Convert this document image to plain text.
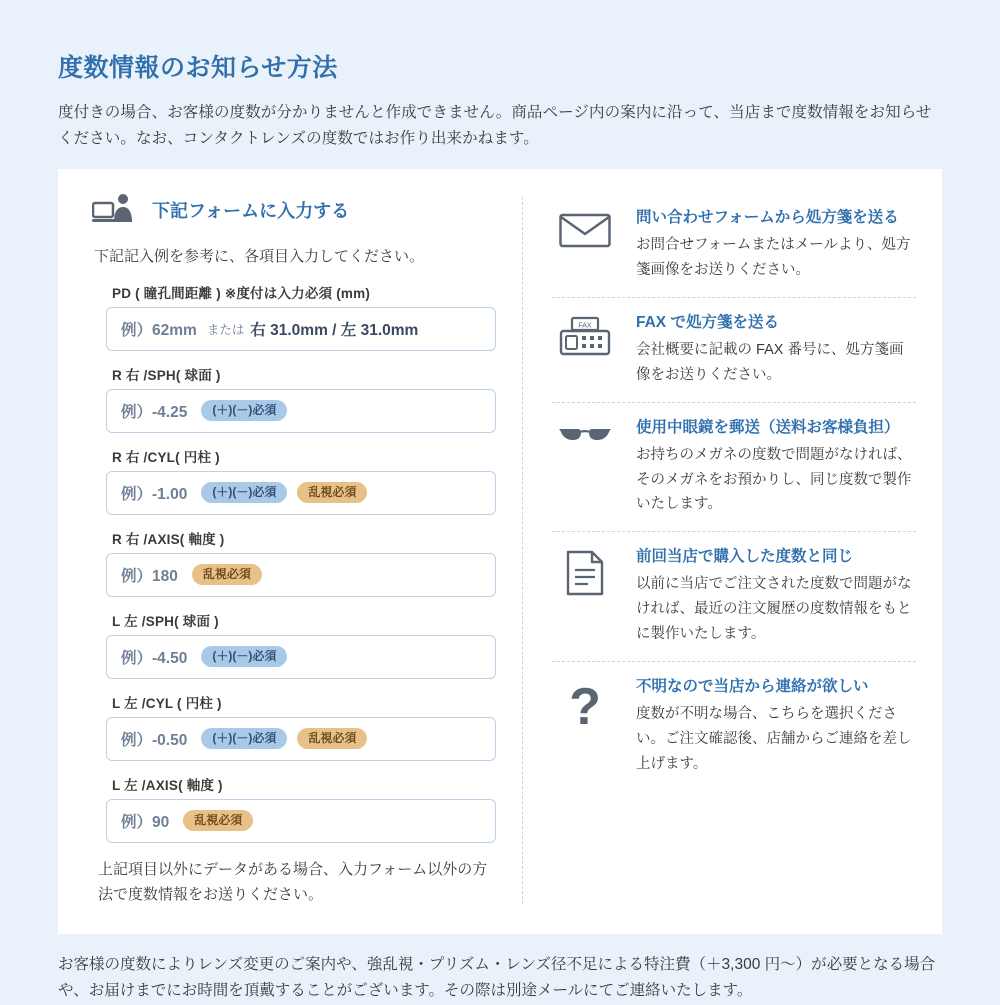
度数情報のお知らせ方法

度付きの場合、お客様の度数が分かりませんと作成できません。商品ページ内の案内に沿って、当店まで度数情報をお知らせください。なお、コンタクトレンズの度数ではお作り出来かねます。

下記フォームに入力する
下記記入例を参考に、各項目入力してください。
PD ( 瞳孔間距離 ) ※度付は入力必須 (mm)
例）62mm または 右 31.0mm / 左 31.0mm
R 右 /SPH( 球面 )
例）-4.25	(＋)(－)必須
R 右 /CYL( 円柱 )
例）-1.00	(＋)(－)必須	乱視必須
R 右 /AXIS( 軸度 )
例）180	乱視必須
L 左 /SPH( 球面 )
例）-4.50	(＋)(－)必須
L 左 /CYL ( 円柱 )
例）-0.50	(＋)(－)必須	乱視必須
L 左 /AXIS( 軸度 )
例）90	乱視必須
上記項目以外にデータがある場合、入力フォーム以外の方法で度数情報をお送りください。
問い合わせフォームから処方箋を送る
お問合せフォームまたはメールより、処方箋画像をお送りください。
FAX	FAX で処方箋を送る
会社概要に記載の FAX 番号に、処方箋画像をお送りください。
使用中眼鏡を郵送（送料お客様負担）
お持ちのメガネの度数で問題がなければ、そのメガネをお預かりし、同じ度数で製作いたします。
前回当店で購入した度数と同じ
以前に当店でご注文された度数で問題がなければ、最近の注文履歴の度数情報をもとに製作いたします。
? 不明なので当店から連絡が欲しい
度数が不明な場合、こちらを選択ください。ご注文確認後、店舗からご連絡を差し上げます。

お客様の度数によりレンズ変更のご案内や、強乱視・プリズム・レンズ径不足による特注費（＋3,300 円〜）が必要となる場合や、お届けまでにお時間を頂戴することがございます。その際は別途メールにてご連絡いたします。
